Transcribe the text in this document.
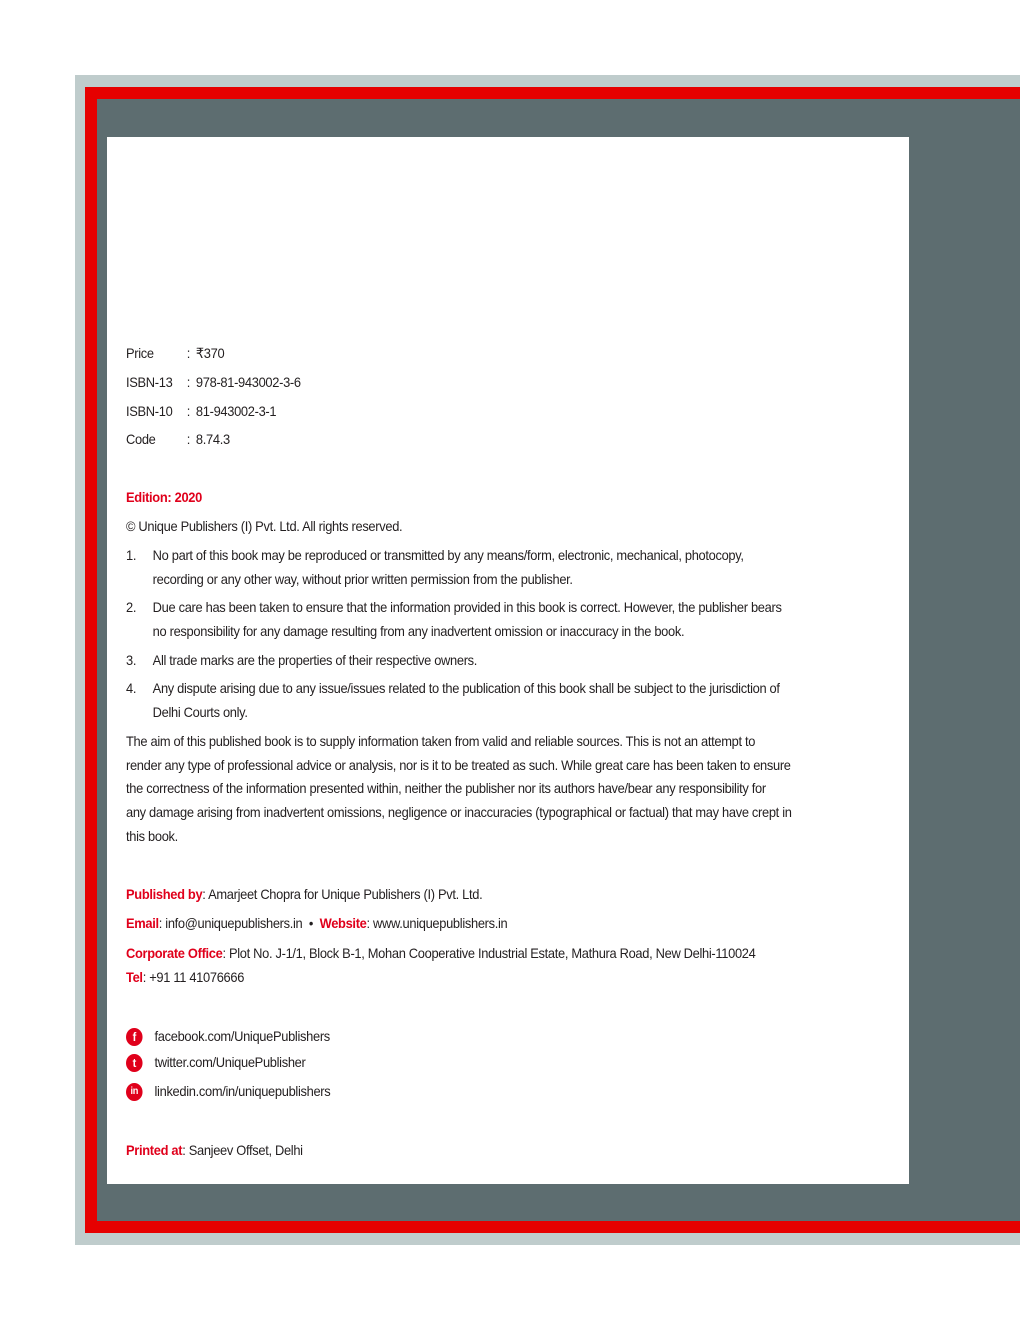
Price : ₹370
ISBN-13 : 978-81-943002-3-6
ISBN-10 : 81-943002-3-1
Code : 8.74.3
Edition: 2020
© Unique Publishers (I) Pvt. Ltd. All rights reserved.
1. No part of this book may be reproduced or transmitted by any means/form, electronic, mechanical, photocopy,
recording or any other way, without prior written permission from the publisher.
2. Due care has been taken to ensure that the information provided in this book is correct. However, the publisher bears
no responsibility for any damage resulting from any inadvertent omission or inaccuracy in the book.
3. All trade marks are the properties of their respective owners.
4. Any dispute arising due to any issue/issues related to the publication of this book shall be subject to the jurisdiction of
Delhi Courts only.
The aim of this published book is to supply information taken from valid and reliable sources. This is not an attempt to
render any type of professional advice or analysis, nor is it to be treated as such. While great care has been taken to ensure
the correctness of the information presented within, neither the publisher nor its authors have/bear any responsibility for
any damage arising from inadvertent omissions, negligence or inaccuracies (typographical or factual) that may have crept in
this book.
Published by: Amarjeet Chopra for Unique Publishers (I) Pvt. Ltd.
Email: info@uniquepublishers.in  •  Website: www.uniquepublishers.in
Corporate Office: Plot No. J-1/1, Block B-1, Mohan Cooperative Industrial Estate, Mathura Road, New Delhi-110024
Tel: +91 11 41076666
f	facebook.com/UniquePublishers
t	twitter.com/UniquePublisher
in	linkedin.com/in/uniquepublishers
Printed at: Sanjeev Offset, Delhi
